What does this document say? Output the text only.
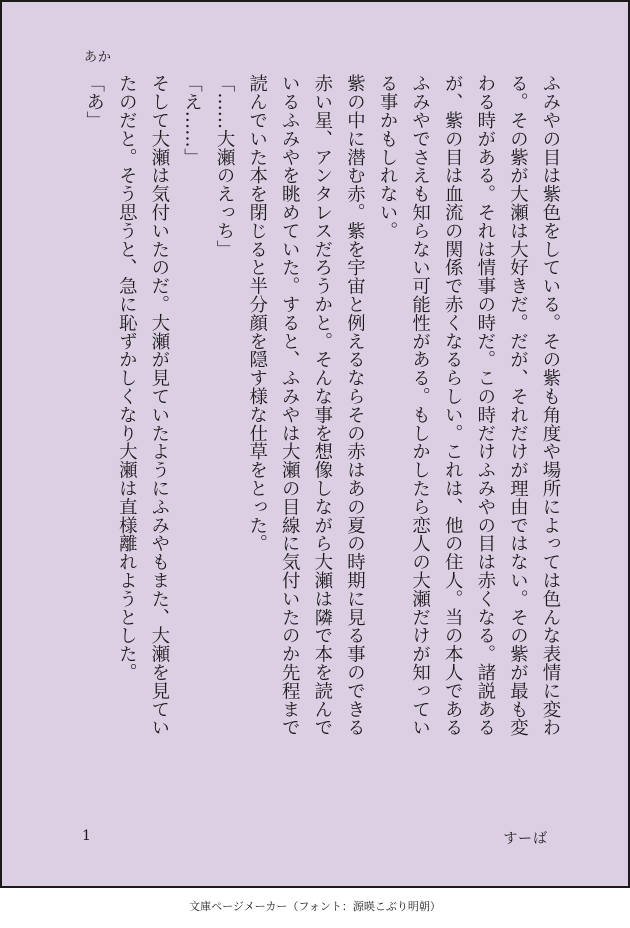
あか
ふみやの目は紫色をしている。その紫も角度や場所によっては色んな表情に変わ
る。その紫が大瀬は大好きだ。だが、それだけが理由ではない。その紫が最も変
わる時がある。それは情事の時だ。この時だけふみやの目は赤くなる。諸説ある
が、紫の目は血流の関係で赤くなるらしい。これは、他の住人。当の本人である
ふみやでさえも知らない可能性がある。もしかしたら恋人の大瀬だけが知ってい
る事かもしれない。
紫の中に潜む赤。紫を宇宙と例えるならその赤はあの夏の時期に見る事のできる
赤い星、アンタレスだろうかと。そんな事を想像しながら大瀬は隣で本を読んで
いるふみやを眺めていた。すると、ふみやは大瀬の目線に気付いたのか先程まで
読んでいた本を閉じると半分顔を隠す様な仕草をとった。
「……大瀬のえっち」
「え……」
そして大瀬は気付いたのだ。大瀬が見ていたようにふみやもまた、大瀬を見てい
たのだと。そう思うと、急に恥ずかしくなり大瀬は直様離れようとした。
「あ」
1	すーば
文庫ページメーカー（フォント：源暎こぶり明朝）
